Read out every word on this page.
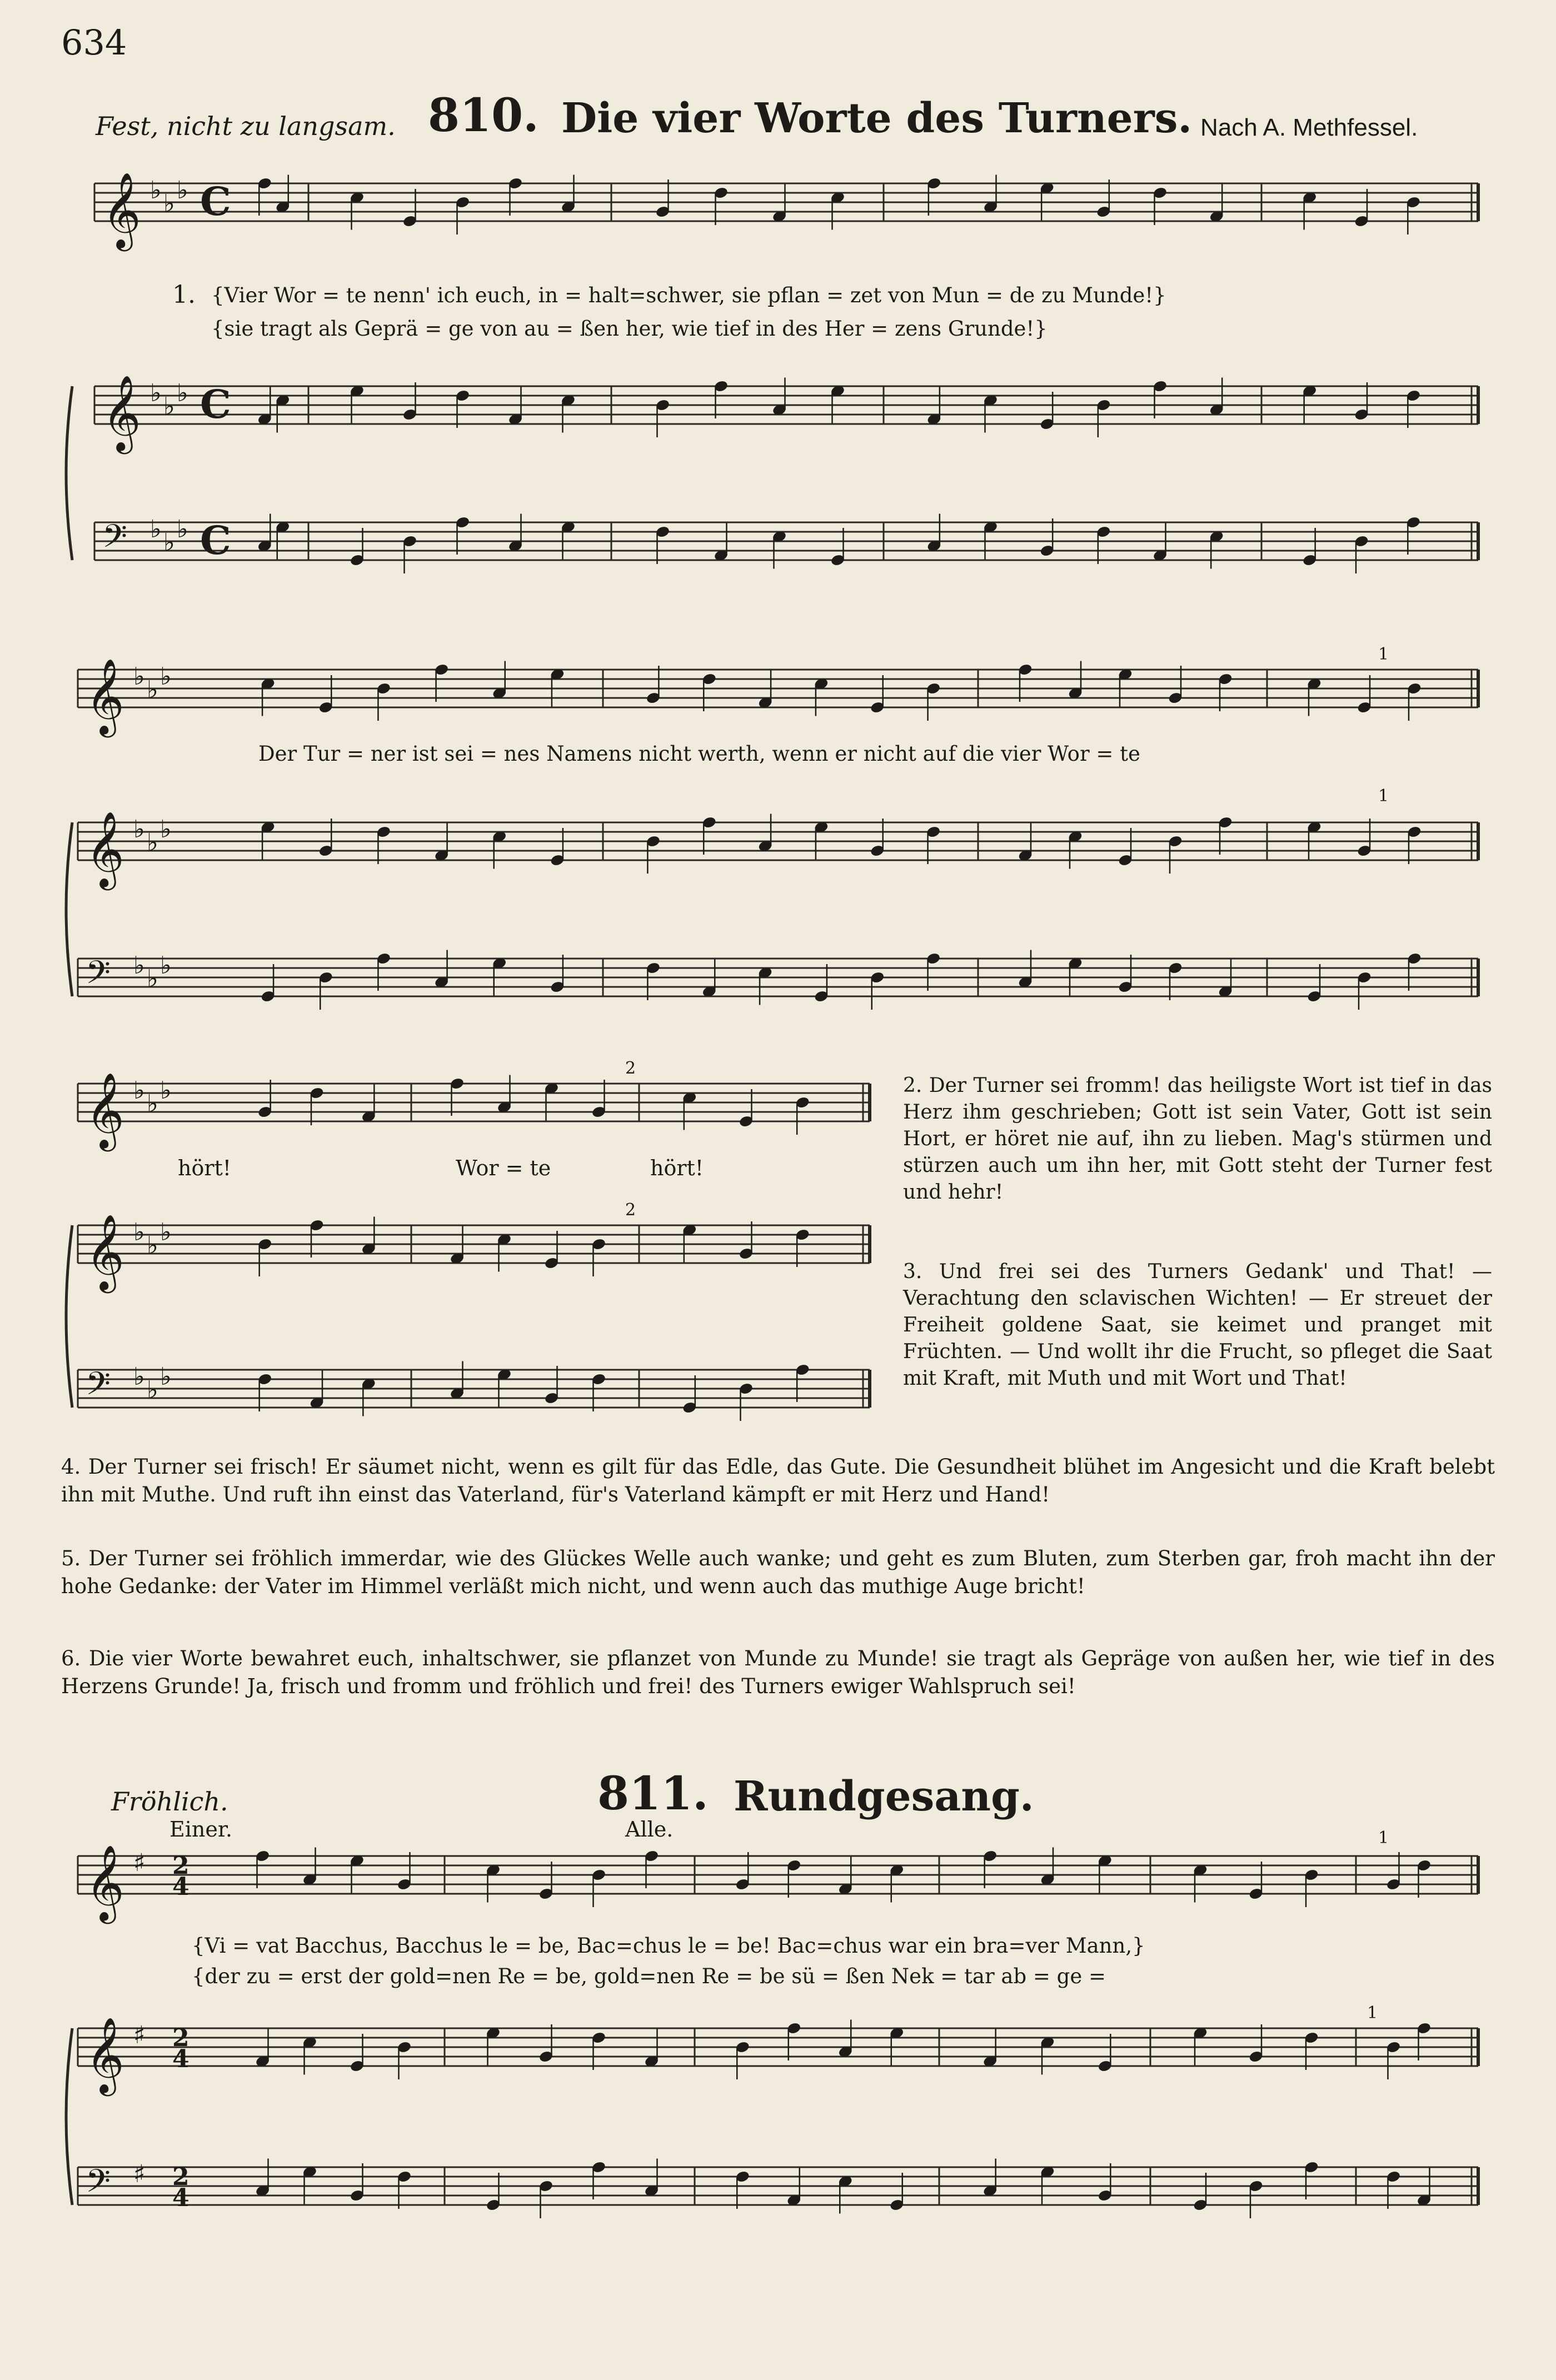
634
Fest, nicht zu langsam. 810. Die vier Worte des Turners. Nach A. Methfessel.
𝄞 ♭ ♭ ♭ C
𝄞 ♭ ♭ ♭ C
𝄢 ♭ ♭ ♭ C
𝄞 ♭ ♭ ♭
𝄞 ♭ ♭ ♭
𝄢 ♭ ♭ ♭
𝄞 ♭ ♭ ♭
𝄞 ♭ ♭ ♭
𝄢 ♭ ♭ ♭
𝄞 ♯ 2
4
𝄞 ♯ 2
4
𝄢 ♯ 2
4
1. {Vier Wor = te nenn' ich euch, in = halt=schwer, sie pflan = zet von Mun = de zu Munde!}
{sie tragt als Geprä = ge von au = ßen her, wie tief in des Her = zens Grunde!}
Der Tur = ner ist sei = nes Namens nicht werth, wenn er nicht auf die vier Wor = te
1
1
2
2
hört!	Wor = te	hört!
2. Der Turner sei fromm! das heiligste Wort ist tief in das Herz ihm geschrieben; Gott ist sein Vater, Gott ist sein Hort, er höret nie auf, ihn zu lieben. Mag's stürmen und stürzen auch um ihn her, mit Gott steht der Turner fest und hehr!
3. Und frei sei des Turners Gedank' und That! — Verachtung den sclavischen Wichten! — Er streuet der Freiheit goldene Saat, sie keimet und pranget mit Früchten. — Und wollt ihr die Frucht, so pfleget die Saat mit Kraft, mit Muth und mit Wort und That!
4. Der Turner sei frisch! Er säumet nicht, wenn es gilt für das Edle, das Gute. Die Gesundheit blühet im Angesicht und die Kraft belebt ihn mit Muthe. Und ruft ihn einst das Vaterland, für's Vaterland kämpft er mit Herz und Hand!
5. Der Turner sei fröhlich immerdar, wie des Glückes Welle auch wanke; und geht es zum Bluten, zum Sterben gar, froh macht ihn der hohe Gedanke: der Vater im Himmel verläßt mich nicht, und wenn auch das muthige Auge bricht!
6. Die vier Worte bewahret euch, inhaltschwer, sie pflanzet von Munde zu Munde! sie tragt als Gepräge von außen her, wie tief in des Herzens Grunde! Ja, frisch und fromm und fröhlich und frei! des Turners ewiger Wahlspruch sei!
Fröhlich.	811. Rundgesang.
Einer.	Alle.	1
1
{Vi = vat Bacchus, Bacchus le = be, Bac=chus le = be! Bac=chus war ein bra=ver Mann,}
{der zu = erst der gold=nen Re = be, gold=nen Re = be sü = ßen Nek = tar ab = ge =
